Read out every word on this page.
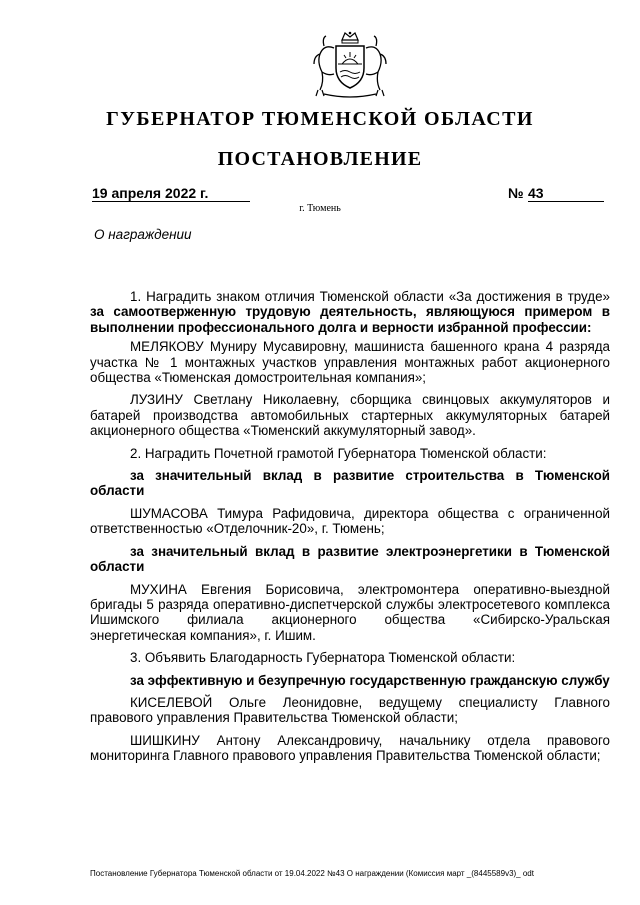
ГУБЕРНАТОР ТЮМЕНСКОЙ ОБЛАСТИ
ПОСТАНОВЛЕНИЕ
19 апреля 2022 г.	№ 43
г. Тюмень
О награждении

1. Наградить знаком отличия Тюменской области «За достижения в труде» за самоотверженную трудовую деятельность, являющуюся примером в выполнении профессионального долга и верности избранной профессии:

МЕЛЯКОВУ Муниру Мусавировну, машиниста башенного крана 4 разряда участка № 1 монтажных участков управления монтажных работ акционерного общества «Тюменская домостроительная компания»;

ЛУЗИНУ Светлану Николаевну, сборщика свинцовых аккумуляторов и батарей производства автомобильных стартерных аккумуляторных батарей акционерного общества «Тюменский аккумуляторный завод».

2. Наградить Почетной грамотой Губернатора Тюменской области:

за значительный вклад в развитие строительства в Тюменской области

ШУМАСОВА Тимура Рафидовича, директора общества с ограниченной ответственностью «Отделочник-20», г. Тюмень;

за значительный вклад в развитие электроэнергетики в Тюменской области

МУХИНА Евгения Борисовича, электромонтера оперативно-выездной бригады 5 разряда оперативно-диспетчерской службы электросетевого комплекса Ишимского филиала акционерного общества «Сибирско-Уральская энергетическая компания», г. Ишим.

3. Объявить Благодарность Губернатора Тюменской области:

за эффективную и безупречную государственную гражданскую службу

КИСЕЛЕВОЙ Ольге Леонидовне, ведущему специалисту Главного правового управления Правительства Тюменской области;

ШИШКИНУ Антону Александровичу, начальнику отдела правового мониторинга Главного правового управления Правительства Тюменской области;

Постановление Губернатора Тюменской области от 19.04.2022 №43 О награждении (Комиссия март _(8445589v3)_ odt
